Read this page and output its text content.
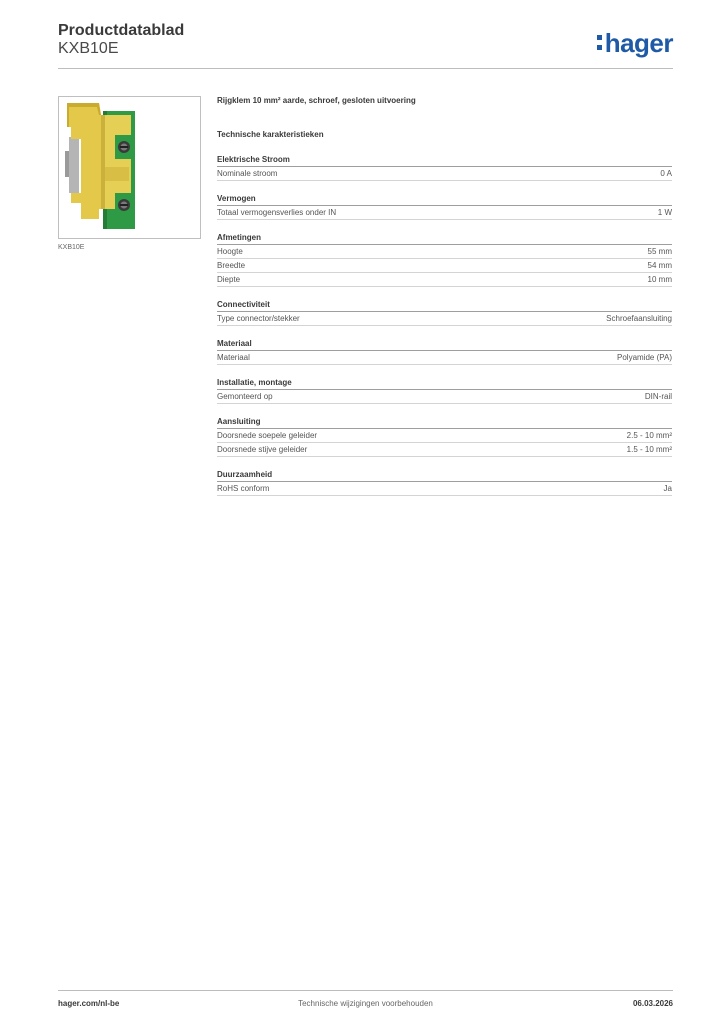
Productdatablad
KXB10E	hager
KXB10E
Rijgklem 10 mm² aarde, schroef, gesloten uitvoering
Technische karakteristieken
Elektrische Stroom
Nominale stroom	0 A
Vermogen
Totaal vermogensverlies onder IN	1 W
Afmetingen
Hoogte	55 mm
Breedte	54 mm
Diepte	10 mm
Connectiviteit
Type connector/stekker	Schroefaansluiting
Materiaal
Materiaal	Polyamide (PA)
Installatie, montage
Gemonteerd op	DIN-rail
Aansluiting
Doorsnede soepele geleider	2.5 - 10 mm²
Doorsnede stijve geleider	1.5 - 10 mm²
Duurzaamheid
RoHS conform	Ja
hager.com/nl-be	Technische wijzigingen voorbehouden	06.03.2026
